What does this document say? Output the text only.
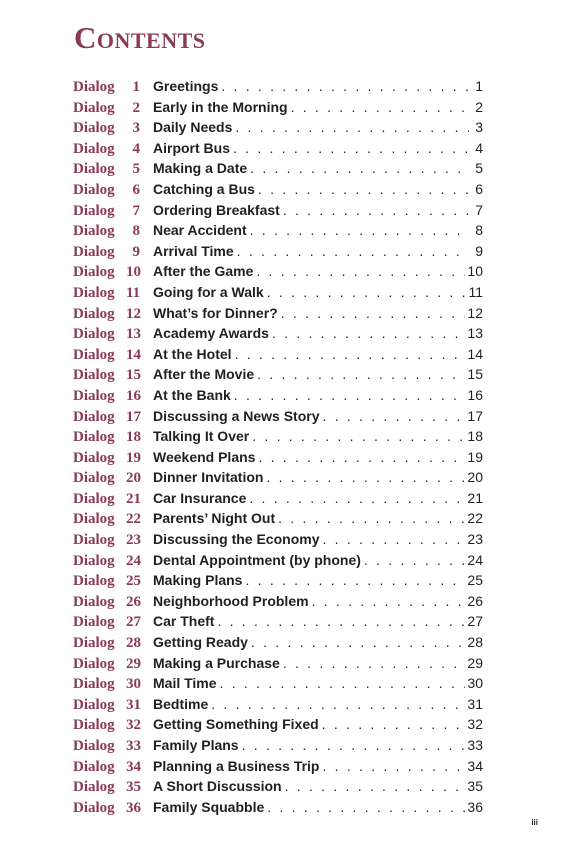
Contents
Dialog 1 Greetings . . .	1
Dialog 2 Early in the Morning . . .	2
Dialog 3 Daily Needs . . .	3
Dialog 4 Airport Bus . . .	4
Dialog 5 Making a Date . . .	5
Dialog 6 Catching a Bus . . .	6
Dialog 7 Ordering Breakfast . . .	7
Dialog 8 Near Accident . . .	8
Dialog 9 Arrival Time . . .	9
Dialog 10 After the Game . . .	10
Dialog 11 Going for a Walk . . .	11
Dialog 12 What’s for Dinner? . . .	12
Dialog 13 Academy Awards . . .	13
Dialog 14 At the Hotel . . .	14
Dialog 15 After the Movie . . .	15
Dialog 16 At the Bank . . .	16
Dialog 17 Discussing a News Story . . .	17
Dialog 18 Talking It Over . . .	18
Dialog 19 Weekend Plans . . .	19
Dialog 20 Dinner Invitation . . .	20
Dialog 21 Car Insurance . . .	21
Dialog 22 Parents’ Night Out . . .	22
Dialog 23 Discussing the Economy . . .	23
Dialog 24 Dental Appointment (by phone) . . .	24
Dialog 25 Making Plans . . .	25
Dialog 26 Neighborhood Problem . . .	26
Dialog 27 Car Theft . . .	27
Dialog 28 Getting Ready . . .	28
Dialog 29 Making a Purchase . . .	29
Dialog 30 Mail Time . . .	30
Dialog 31 Bedtime . . .	31
Dialog 32 Getting Something Fixed . . .	32
Dialog 33 Family Plans . . .	33
Dialog 34 Planning a Business Trip . . .	34
Dialog 35 A Short Discussion . . .	35
Dialog 36 Family Squabble . . .	36
iii
